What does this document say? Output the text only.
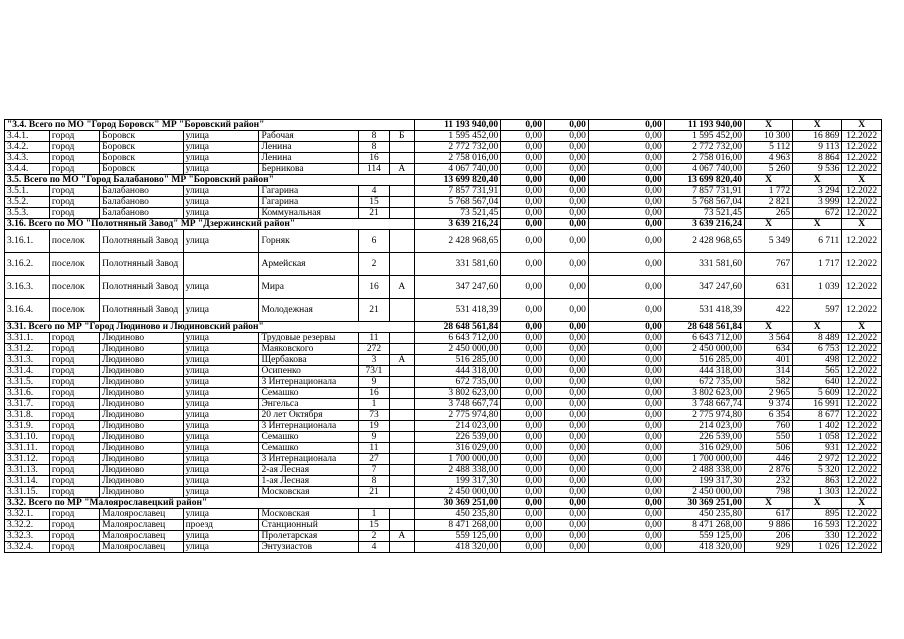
"3.4. Всего по МО "Город Боровск" МР "Боровский район"							11 193 940,00	0,00	0,00	0,00	11 193 940,00	X	X	X
3.4.1.	город	Боровск	улица	Рабочая	8	Б	1 595 452,00	0,00	0,00	0,00	1 595 452,00	10 300	16 869	12.2022
3.4.2.	город	Боровск	улица	Ленина	8		2 772 732,00	0,00	0,00	0,00	2 772 732,00	5 112	9 113	12.2022
3.4.3.	город	Боровск	улица	Ленина	16		2 758 016,00	0,00	0,00	0,00	2 758 016,00	4 963	8 864	12.2022
3.4.4.	город	Боровск	улица	Берникова	114	А	4 067 740,00	0,00	0,00	0,00	4 067 740,00	5 260	9 536	12.2022
3.5. Всего по МО "Город Балабаново" МР "Боровский район"							13 699 820,40	0,00	0,00	0,00	13 699 820,40	X	X	X
3.5.1.	город	Балабаново	улица	Гагарина	4		7 857 731,91	0,00	0,00	0,00	7 857 731,91	1 772	3 294	12.2022
3.5.2.	город	Балабаново	улица	Гагарина	15		5 768 567,04	0,00	0,00	0,00	5 768 567,04	2 821	3 999	12.2022
3.5.3.	город	Балабаново	улица	Коммунальная	21		73 521,45	0,00	0,00	0,00	73 521,45	265	672	12.2022
3.16. Всего по МО "Полотняный Завод" МР "Дзержинский район"							3 639 216,24	0,00	0,00	0,00	3 639 216,24	X	X	X
3.16.1.	поселок	Полотняный Завод	улица	Горняк	6		2 428 968,65	0,00	0,00	0,00	2 428 968,65	5 349	6 711	12.2022
3.16.2.	поселок	Полотняный Завод		Армейская	2		331 581,60	0,00	0,00	0,00	331 581,60	767	1 717	12.2022
3.16.3.	поселок	Полотняный Завод	улица	Мира	16	А	347 247,60	0,00	0,00	0,00	347 247,60	631	1 039	12.2022
3.16.4.	поселок	Полотняный Завод	улица	Молодежная	21		531 418,39	0,00	0,00	0,00	531 418,39	422	597	12.2022
3.31. Всего по МР "Город Людиново и Людиновский район"							28 648 561,84	0,00	0,00	0,00	28 648 561,84	X	X	X
3.31.1.	город	Людиново	улица	Трудовые резервы	11		6 643 712,00	0,00	0,00	0,00	6 643 712,00	3 564	8 489	12.2022
3.31.2.	город	Людиново	улица	Маяковского	272		2 450 000,00	0,00	0,00	0,00	2 450 000,00	634	6 753	12.2022
3.31.3.	город	Людиново	улица	Щербакова	3	А	516 285,00	0,00	0,00	0,00	516 285,00	401	498	12.2022
3.31.4.	город	Людиново	улица	Осипенко	73/1		444 318,00	0,00	0,00	0,00	444 318,00	314	565	12.2022
3.31.5.	город	Людиново	улица	3 Интернационала	9		672 735,00	0,00	0,00	0,00	672 735,00	582	640	12.2022
3.31.6.	город	Людиново	улица	Семашко	16		3 802 623,00	0,00	0,00	0,00	3 802 623,00	2 965	5 609	12.2022
3.31.7.	город	Людиново	улица	Энгельса	1		3 748 667,74	0,00	0,00	0,00	3 748 667,74	9 374	16 991	12.2022
3.31.8.	город	Людиново	улица	20 лет Октября	73		2 775 974,80	0,00	0,00	0,00	2 775 974,80	6 354	8 677	12.2022
3.31.9.	город	Людиново	улица	3 Интернационала	19		214 023,00	0,00	0,00	0,00	214 023,00	760	1 402	12.2022
3.31.10.	город	Людиново	улица	Семашко	9		226 539,00	0,00	0,00	0,00	226 539,00	550	1 058	12.2022
3.31.11.	город	Людиново	улица	Семашко	11		316 029,00	0,00	0,00	0,00	316 029,00	506	931	12.2022
3.31.12.	город	Людиново	улица	3 Интернационала	27		1 700 000,00	0,00	0,00	0,00	1 700 000,00	446	2 972	12.2022
3.31.13.	город	Людиново	улица	2-ая Лесная	7		2 488 338,00	0,00	0,00	0,00	2 488 338,00	2 876	5 320	12.2022
3.31.14.	город	Людиново	улица	1-ая Лесная	8		199 317,30	0,00	0,00	0,00	199 317,30	232	863	12.2022
3.31.15.	город	Людиново	улица	Московская	21		2 450 000,00	0,00	0,00	0,00	2 450 000,00	798	1 303	12.2022
3.32. Всего по МР "Малоярославецкий район"							30 369 251,00	0,00	0,00	0,00	30 369 251,00	X	X	X
3.32.1.	город	Малоярославец	улица	Московская	1		450 235,80	0,00	0,00	0,00	450 235,80	617	895	12.2022
3.32.2.	город	Малоярославец	проезд	Станционный	15		8 471 268,00	0,00	0,00	0,00	8 471 268,00	9 886	16 593	12.2022
3.32.3.	город	Малоярославец	улица	Пролетарская	2	А	559 125,00	0,00	0,00	0,00	559 125,00	206	330	12.2022
3.32.4.	город	Малоярославец	улица	Энтузиастов	4		418 320,00	0,00	0,00	0,00	418 320,00	929	1 026	12.2022
